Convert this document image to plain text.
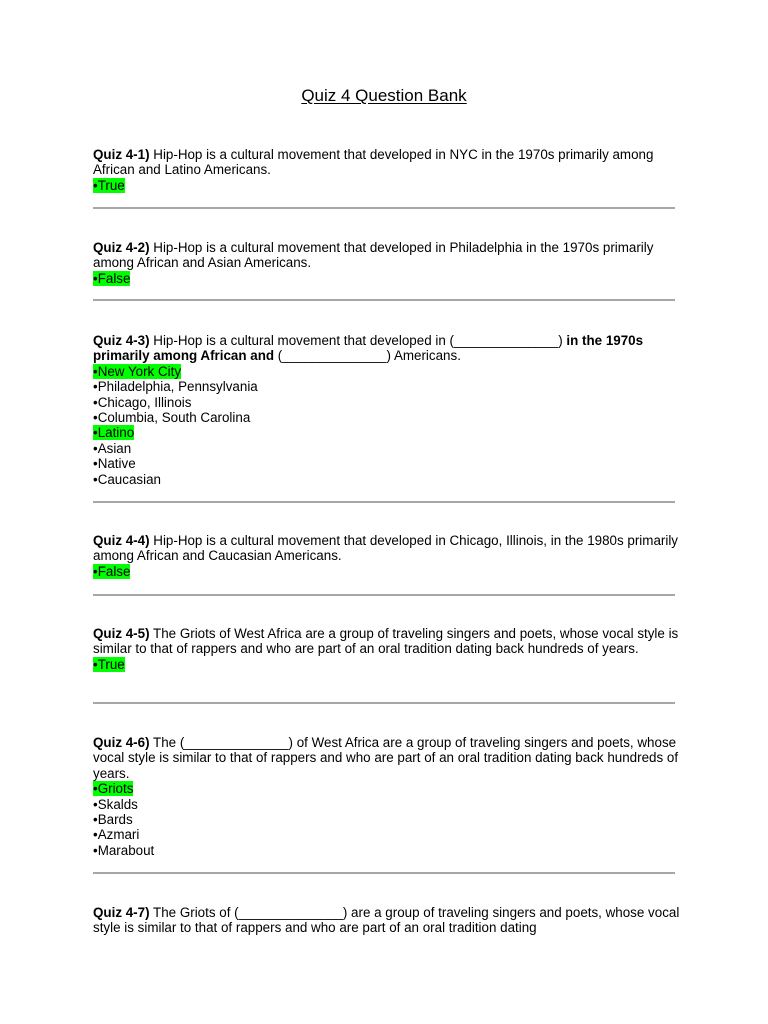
Quiz 4 Question Bank
Quiz 4-1) Hip-Hop is a cultural movement that developed in NYC in the 1970s primarily among African and Latino Americans.
•True
Quiz 4-2) Hip-Hop is a cultural movement that developed in Philadelphia in the 1970s primarily among African and Asian Americans.
•False
Quiz 4-3) Hip-Hop is a cultural movement that developed in (______________) in the 1970s primarily among African and (______________) Americans.
•New York City
•Philadelphia, Pennsylvania
•Chicago, Illinois
•Columbia, South Carolina
•Latino
•Asian
•Native
•Caucasian
Quiz 4-4) Hip-Hop is a cultural movement that developed in Chicago, Illinois, in the 1980s primarily among African and Caucasian Americans.
•False
Quiz 4-5) The Griots of West Africa are a group of traveling singers and poets, whose vocal style is similar to that of rappers and who are part of an oral tradition dating back hundreds of years.
•True
Quiz 4-6) The (______________) of West Africa are a group of traveling singers and poets, whose vocal style is similar to that of rappers and who are part of an oral tradition dating back hundreds of years.
•Griots
•Skalds
•Bards
•Azmari
•Marabout
Quiz 4-7) The Griots of (______________) are a group of traveling singers and poets, whose vocal style is similar to that of rappers and who are part of an oral tradition dating
